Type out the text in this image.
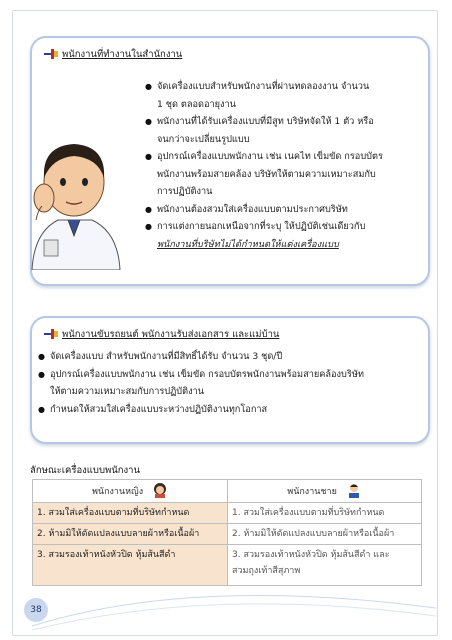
พนักงานที่ทำงานในสำนักงาน
● จัดเครื่องแบบสำหรับพนักงานที่ผ่านทดลองงาน จำนวน
1 ชุด ตลอดอายุงาน
● พนักงานที่ได้รับเครื่องแบบที่มีสูท บริษัทจัดให้ 1 ตัว หรือ
จนกว่าจะเปลี่ยนรูปแบบ
● อุปกรณ์เครื่องแบบพนักงาน เช่น เนคไท เข็มขัด กรอบบัตร
พนักงานพร้อมสายคล้อง บริษัทให้ตามความเหมาะสมกับ
การปฏิบัติงาน
● พนักงานต้องสวมใส่เครื่องแบบตามประกาศบริษัท
● การแต่งกายนอกเหนือจากที่ระบุ ให้ปฏิบัติเช่นเดียวกับ
พนักงานที่บริษัทไม่ได้กำหนดให้แต่งเครื่องแบบ
พนักงานขับรถยนต์ พนักงานรับส่งเอกสาร และแม่บ้าน
● จัดเครื่องแบบ สำหรับพนักงานที่มีสิทธิ์ได้รับ จำนวน 3 ชุด/ปี
● อุปกรณ์เครื่องแบบพนักงาน เช่น เข็มขัด กรอบบัตรพนักงานพร้อมสายคล้องบริษัท
ให้ตามความเหมาะสมกับการปฏิบัติงาน
● กำหนดให้สวมใส่เครื่องแบบระหว่างปฏิบัติงานทุกโอกาส
ลักษณะเครื่องแบบพนักงาน
พนักงานหญิง	พนักงานชาย
1. สวมใส่เครื่องแบบตามที่บริษัทกำหนด	1. สวมใส่เครื่องแบบตามที่บริษัทกำหนด
2. ห้ามมิให้ดัดแปลงแบบลายผ้าหรือเนื้อผ้า	2. ห้ามมิให้ดัดแปลงแบบลายผ้าหรือเนื้อผ้า
3. สวมรองเท้าหนังหัวปิด หุ้มส้นสีดำ	3. สวมรองเท้าหนังหัวปิด หุ้มส้นสีดำ และ
สวมถุงเท้าสีสุภาพ
38
